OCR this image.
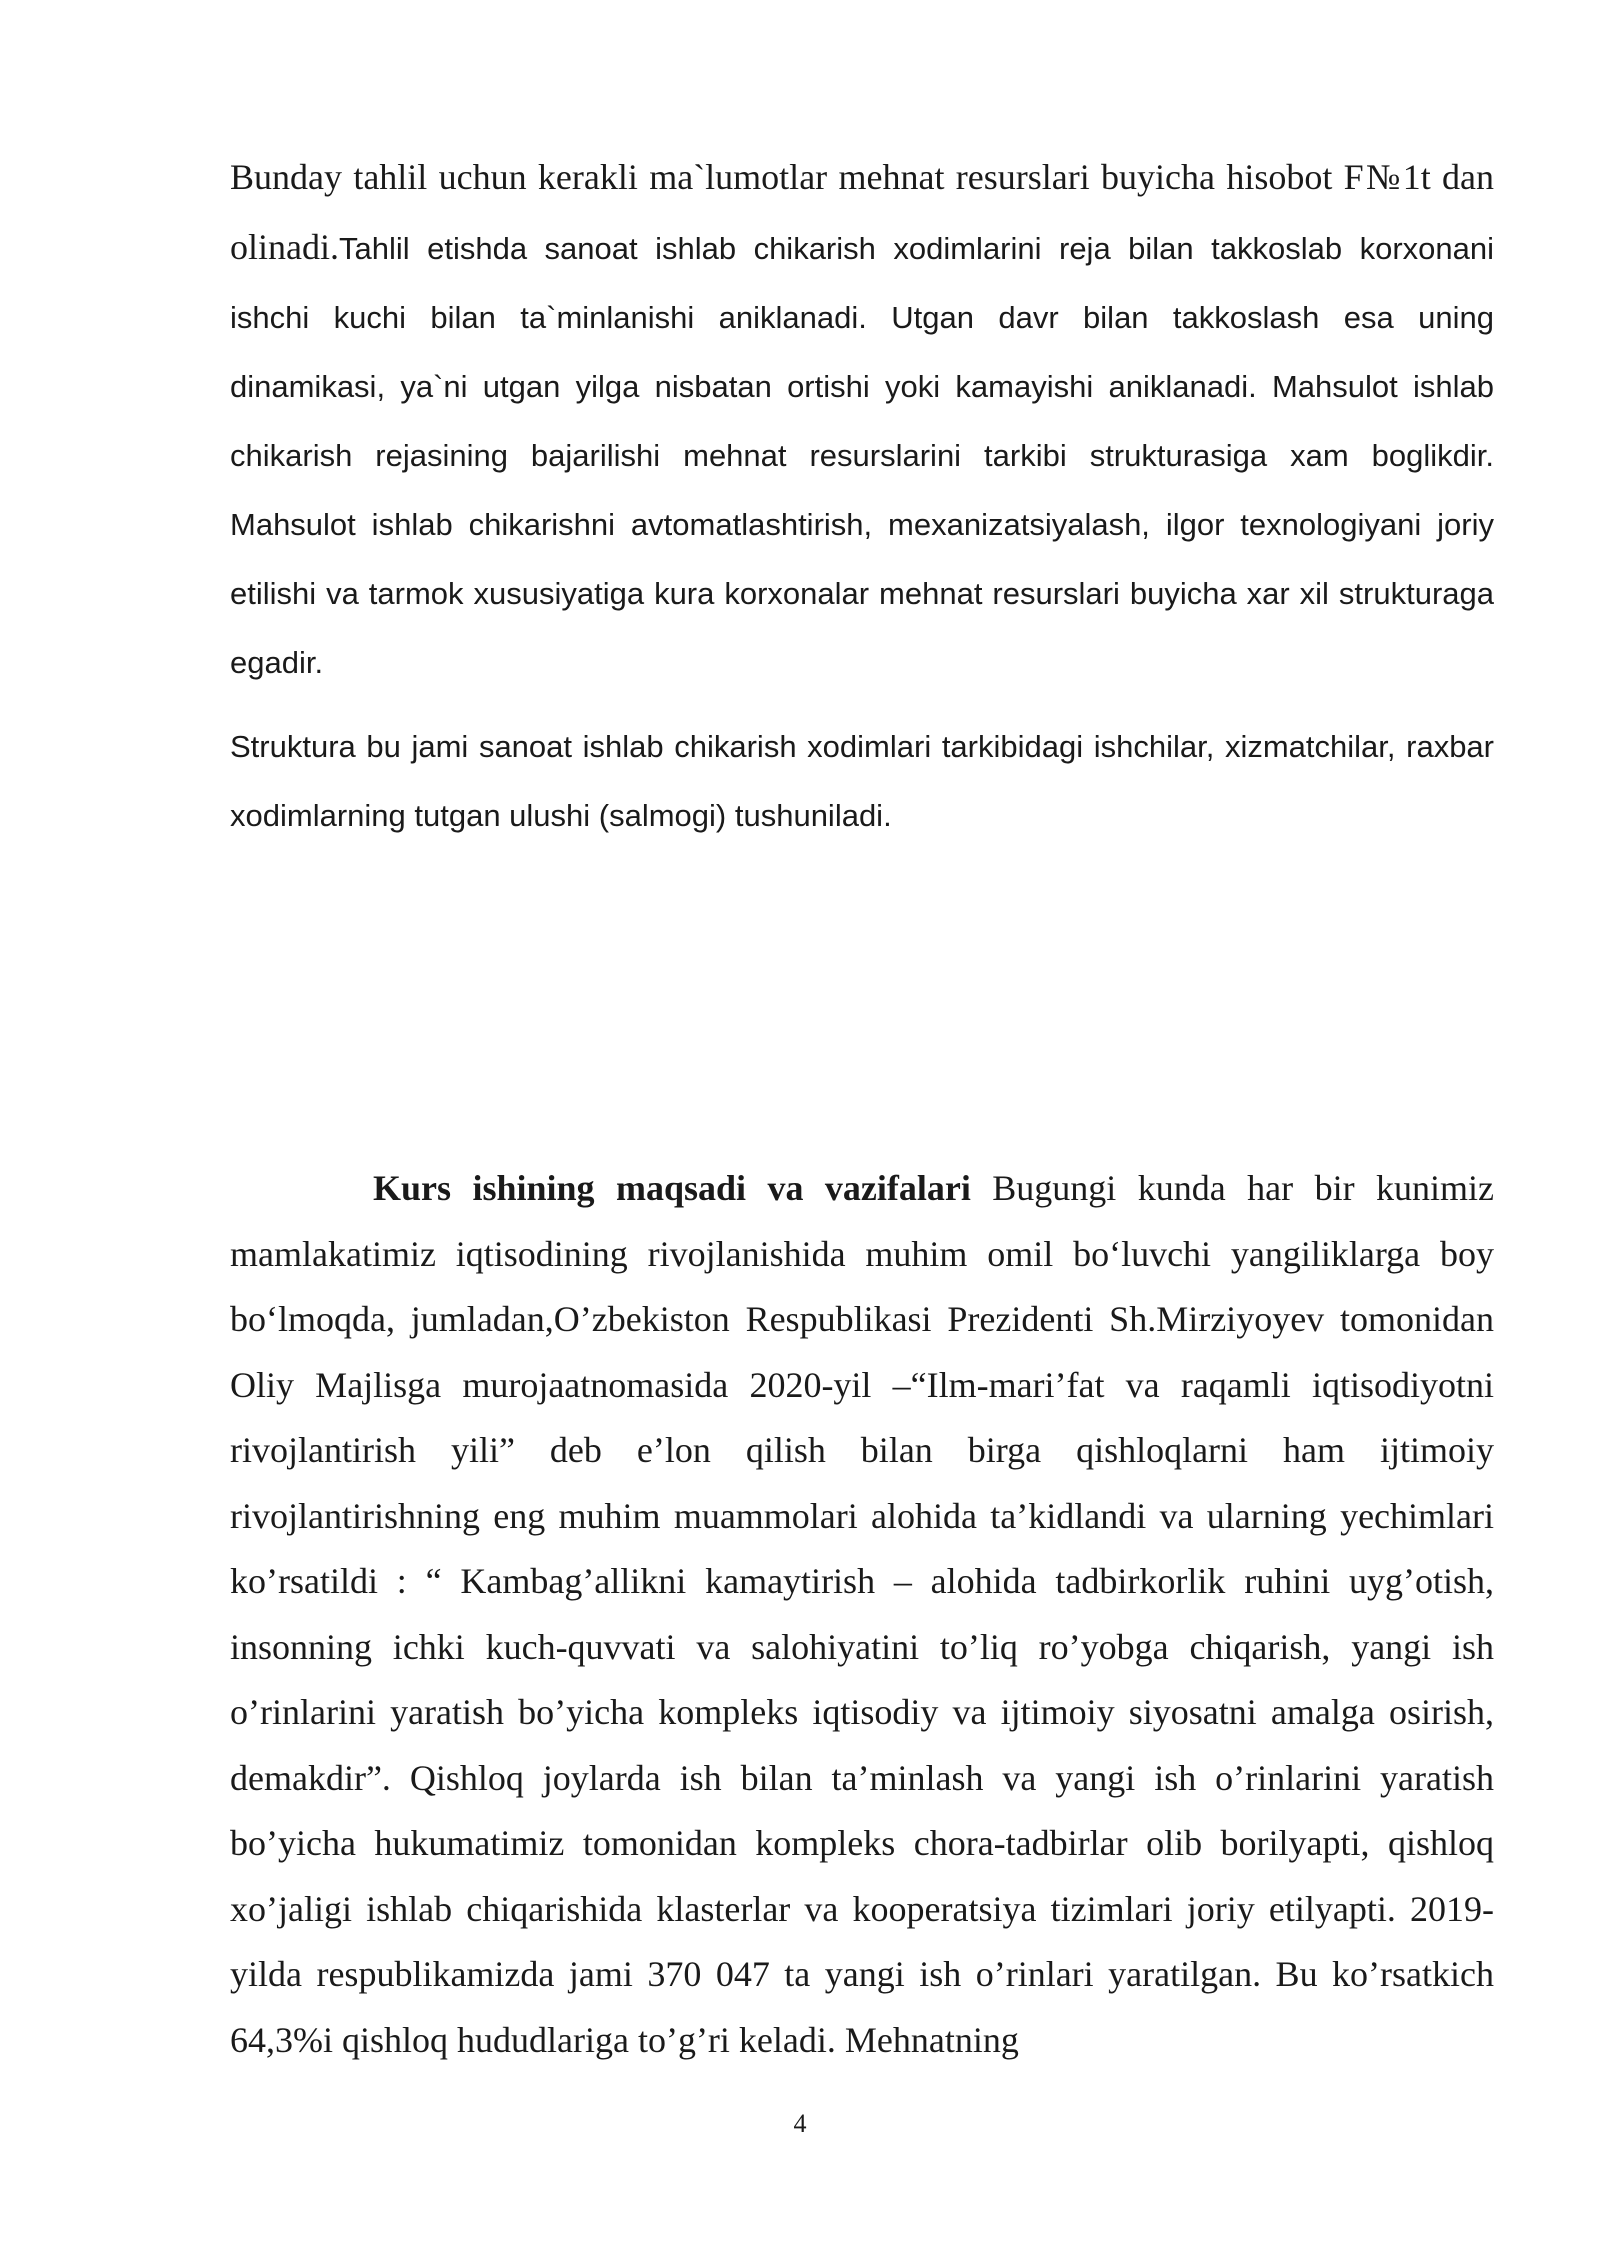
Bunday tahlil uchun kerakli ma`lumotlar mehnat resurslari buyicha hisobot F№1t dan olinadi.Tahlil etishda sanoat ishlab chikarish xodimlarini reja bilan takkoslab korxonani ishchi kuchi bilan ta`minlanishi aniklanadi. Utgan davr bilan takkoslash esa uning dinamikasi, ya`ni utgan yilga nisbatan ortishi yoki kamayishi aniklanadi. Mahsulot ishlab chikarish rejasining bajarilishi mehnat resurslarini tarkibi strukturasiga xam boglikdir. Mahsulot ishlab chikarishni avtomatlashtirish, mexanizatsiyalash, ilgor texnologiyani joriy etilishi va tarmok xususiyatiga kura korxonalar mehnat resurslari buyicha xar xil strukturaga egadir.

Struktura bu jami sanoat ishlab chikarish xodimlari tarkibidagi ishchilar, xizmatchilar, raxbar xodimlarning tutgan ulushi (salmogi) tushuniladi.

Kurs ishining maqsadi va vazifalari Bugungi kunda har bir kunimiz mamlakatimiz iqtisodining rivojlanishida muhim omil bo‘luvchi yangiliklarga boy bo‘lmoqda, jumladan,O’zbekiston Respublikasi Prezidenti Sh.Mirziyoyev tomonidan Oliy Majlisga murojaatnomasida 2020-yil –“Ilm-mari’fat va raqamli iqtisodiyotni rivojlantirish yili” deb e’lon qilish bilan birga qishloqlarni ham ijtimoiy rivojlantirishning eng muhim muammolari alohida ta’kidlandi va ularning yechimlari ko’rsatildi : “ Kambag’allikni kamaytirish – alohida tadbirkorlik ruhini uyg’otish, insonning ichki kuch-quvvati va salohiyatini to’liq ro’yobga chiqarish, yangi ish o’rinlarini yaratish bo’yicha kompleks iqtisodiy va ijtimoiy siyosatni amalga osirish, demakdir”. Qishloq joylarda ish bilan ta’minlash va yangi ish o’rinlarini yaratish bo’yicha hukumatimiz tomonidan kompleks chora-tadbirlar olib borilyapti, qishloq xo’jaligi ishlab chiqarishida klasterlar va kooperatsiya tizimlari joriy etilyapti. 2019-yilda respublikamizda jami 370 047 ta yangi ish o’rinlari yaratilgan. Bu ko’rsatkich 64,3%i qishloq hududlariga to’g’ri keladi. Mehnatning

4
